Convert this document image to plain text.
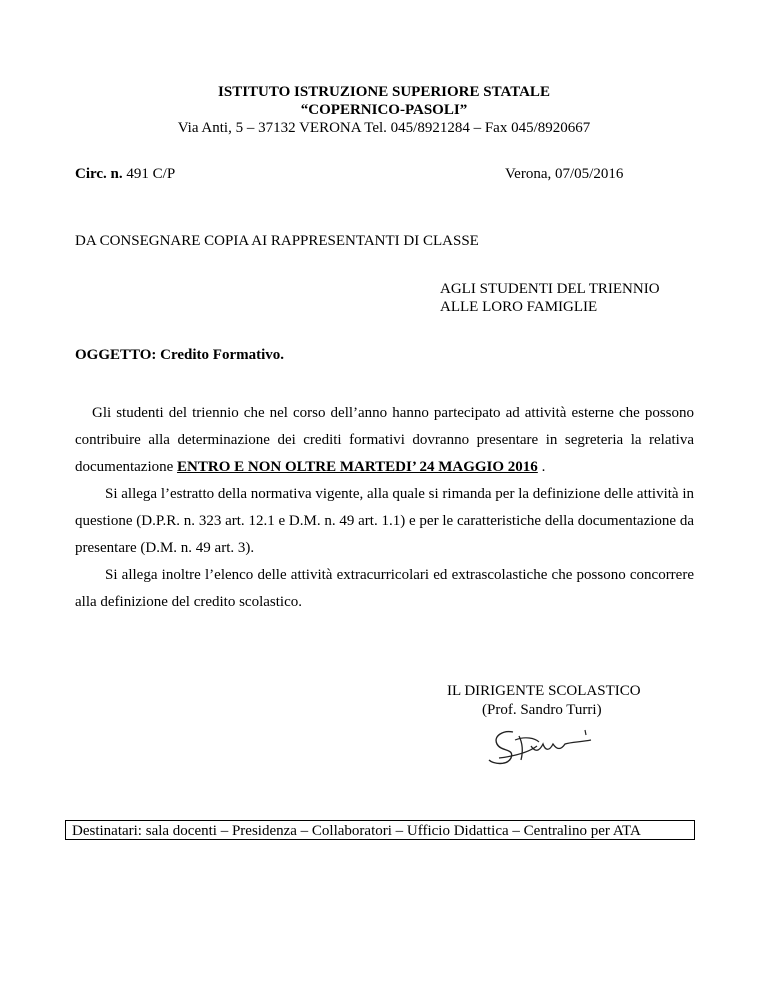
ISTITUTO ISTRUZIONE SUPERIORE STATALE
“COPERNICO-PASOLI”
Via Anti, 5 – 37132 VERONA Tel. 045/8921284 – Fax 045/8920667
Circ. n. 491 C/P	Verona, 07/05/2016
DA CONSEGNARE COPIA AI RAPPRESENTANTI DI CLASSE
AGLI STUDENTI DEL TRIENNIO
ALLE LORO FAMIGLIE
OGGETTO: Credito Formativo.
Gli studenti del triennio che nel corso dell’anno hanno partecipato ad attività esterne che possono contribuire alla determinazione dei crediti formativi dovranno presentare in segreteria la relativa documentazione ENTRO E NON OLTRE MARTEDI’ 24 MAGGIO 2016 .
Si allega l’estratto della normativa vigente, alla quale si rimanda per la definizione delle attività in questione (D.P.R. n. 323 art. 12.1 e D.M. n. 49 art. 1.1) e per le caratteristiche della documentazione da presentare (D.M. n. 49 art. 3).
Si allega inoltre l’elenco delle attività extracurricolari ed extrascolastiche che possono concorrere alla definizione del credito scolastico.
IL DIRIGENTE SCOLASTICO
(Prof. Sandro Turri)
Destinatari: sala docenti – Presidenza – Collaboratori – Ufficio Didattica – Centralino per ATA
